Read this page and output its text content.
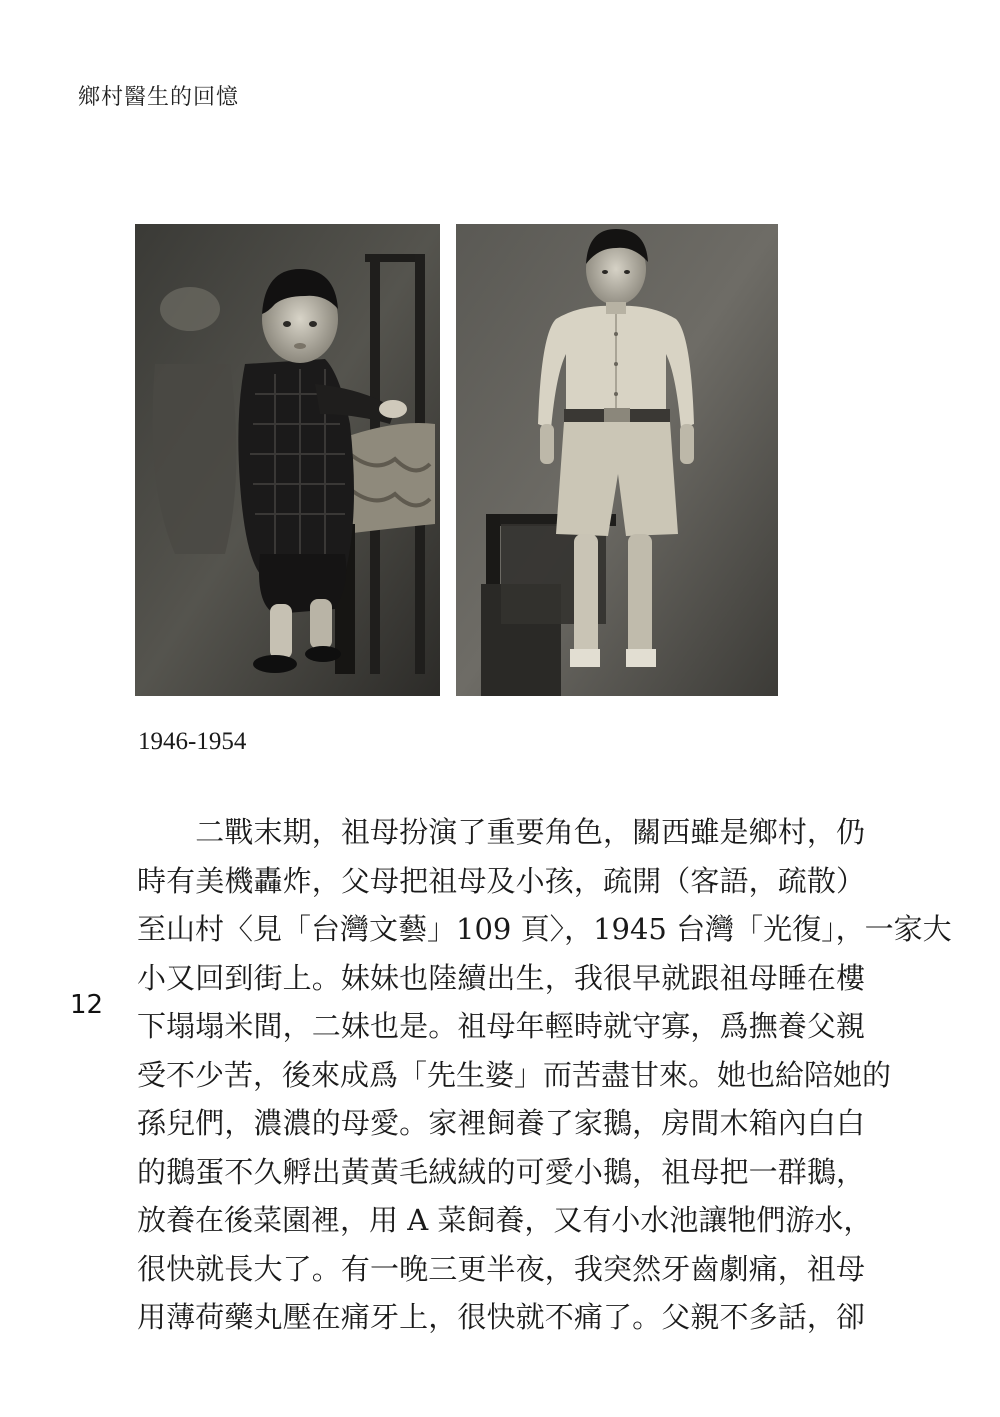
鄉村醫生的回憶
1946-1954
　　二戰末期，祖母扮演了重要角色，關西雖是鄉村，仍
時有美機轟炸，父母把祖母及小孩，疏開（客語，疏散）
至山村〈見「台灣文藝」109 頁〉，1945 台灣「光復」，一家大
小又回到街上。妹妹也陸續出生，我很早就跟祖母睡在樓
下塌塌米間，二妹也是。祖母年輕時就守寡，爲撫養父親
受不少苦，後來成爲「先生婆」而苦盡甘來。她也給陪她的
孫兒們，濃濃的母愛。家裡飼養了家鵝，房間木箱內白白
的鵝蛋不久孵出黃黃毛絨絨的可愛小鵝，祖母把一群鵝，
放養在後菜園裡，用 A 菜飼養，又有小水池讓牠們游水，
很快就長大了。有一晚三更半夜，我突然牙齒劇痛，祖母
用薄荷藥丸壓在痛牙上，很快就不痛了。父親不多話，卻
12
